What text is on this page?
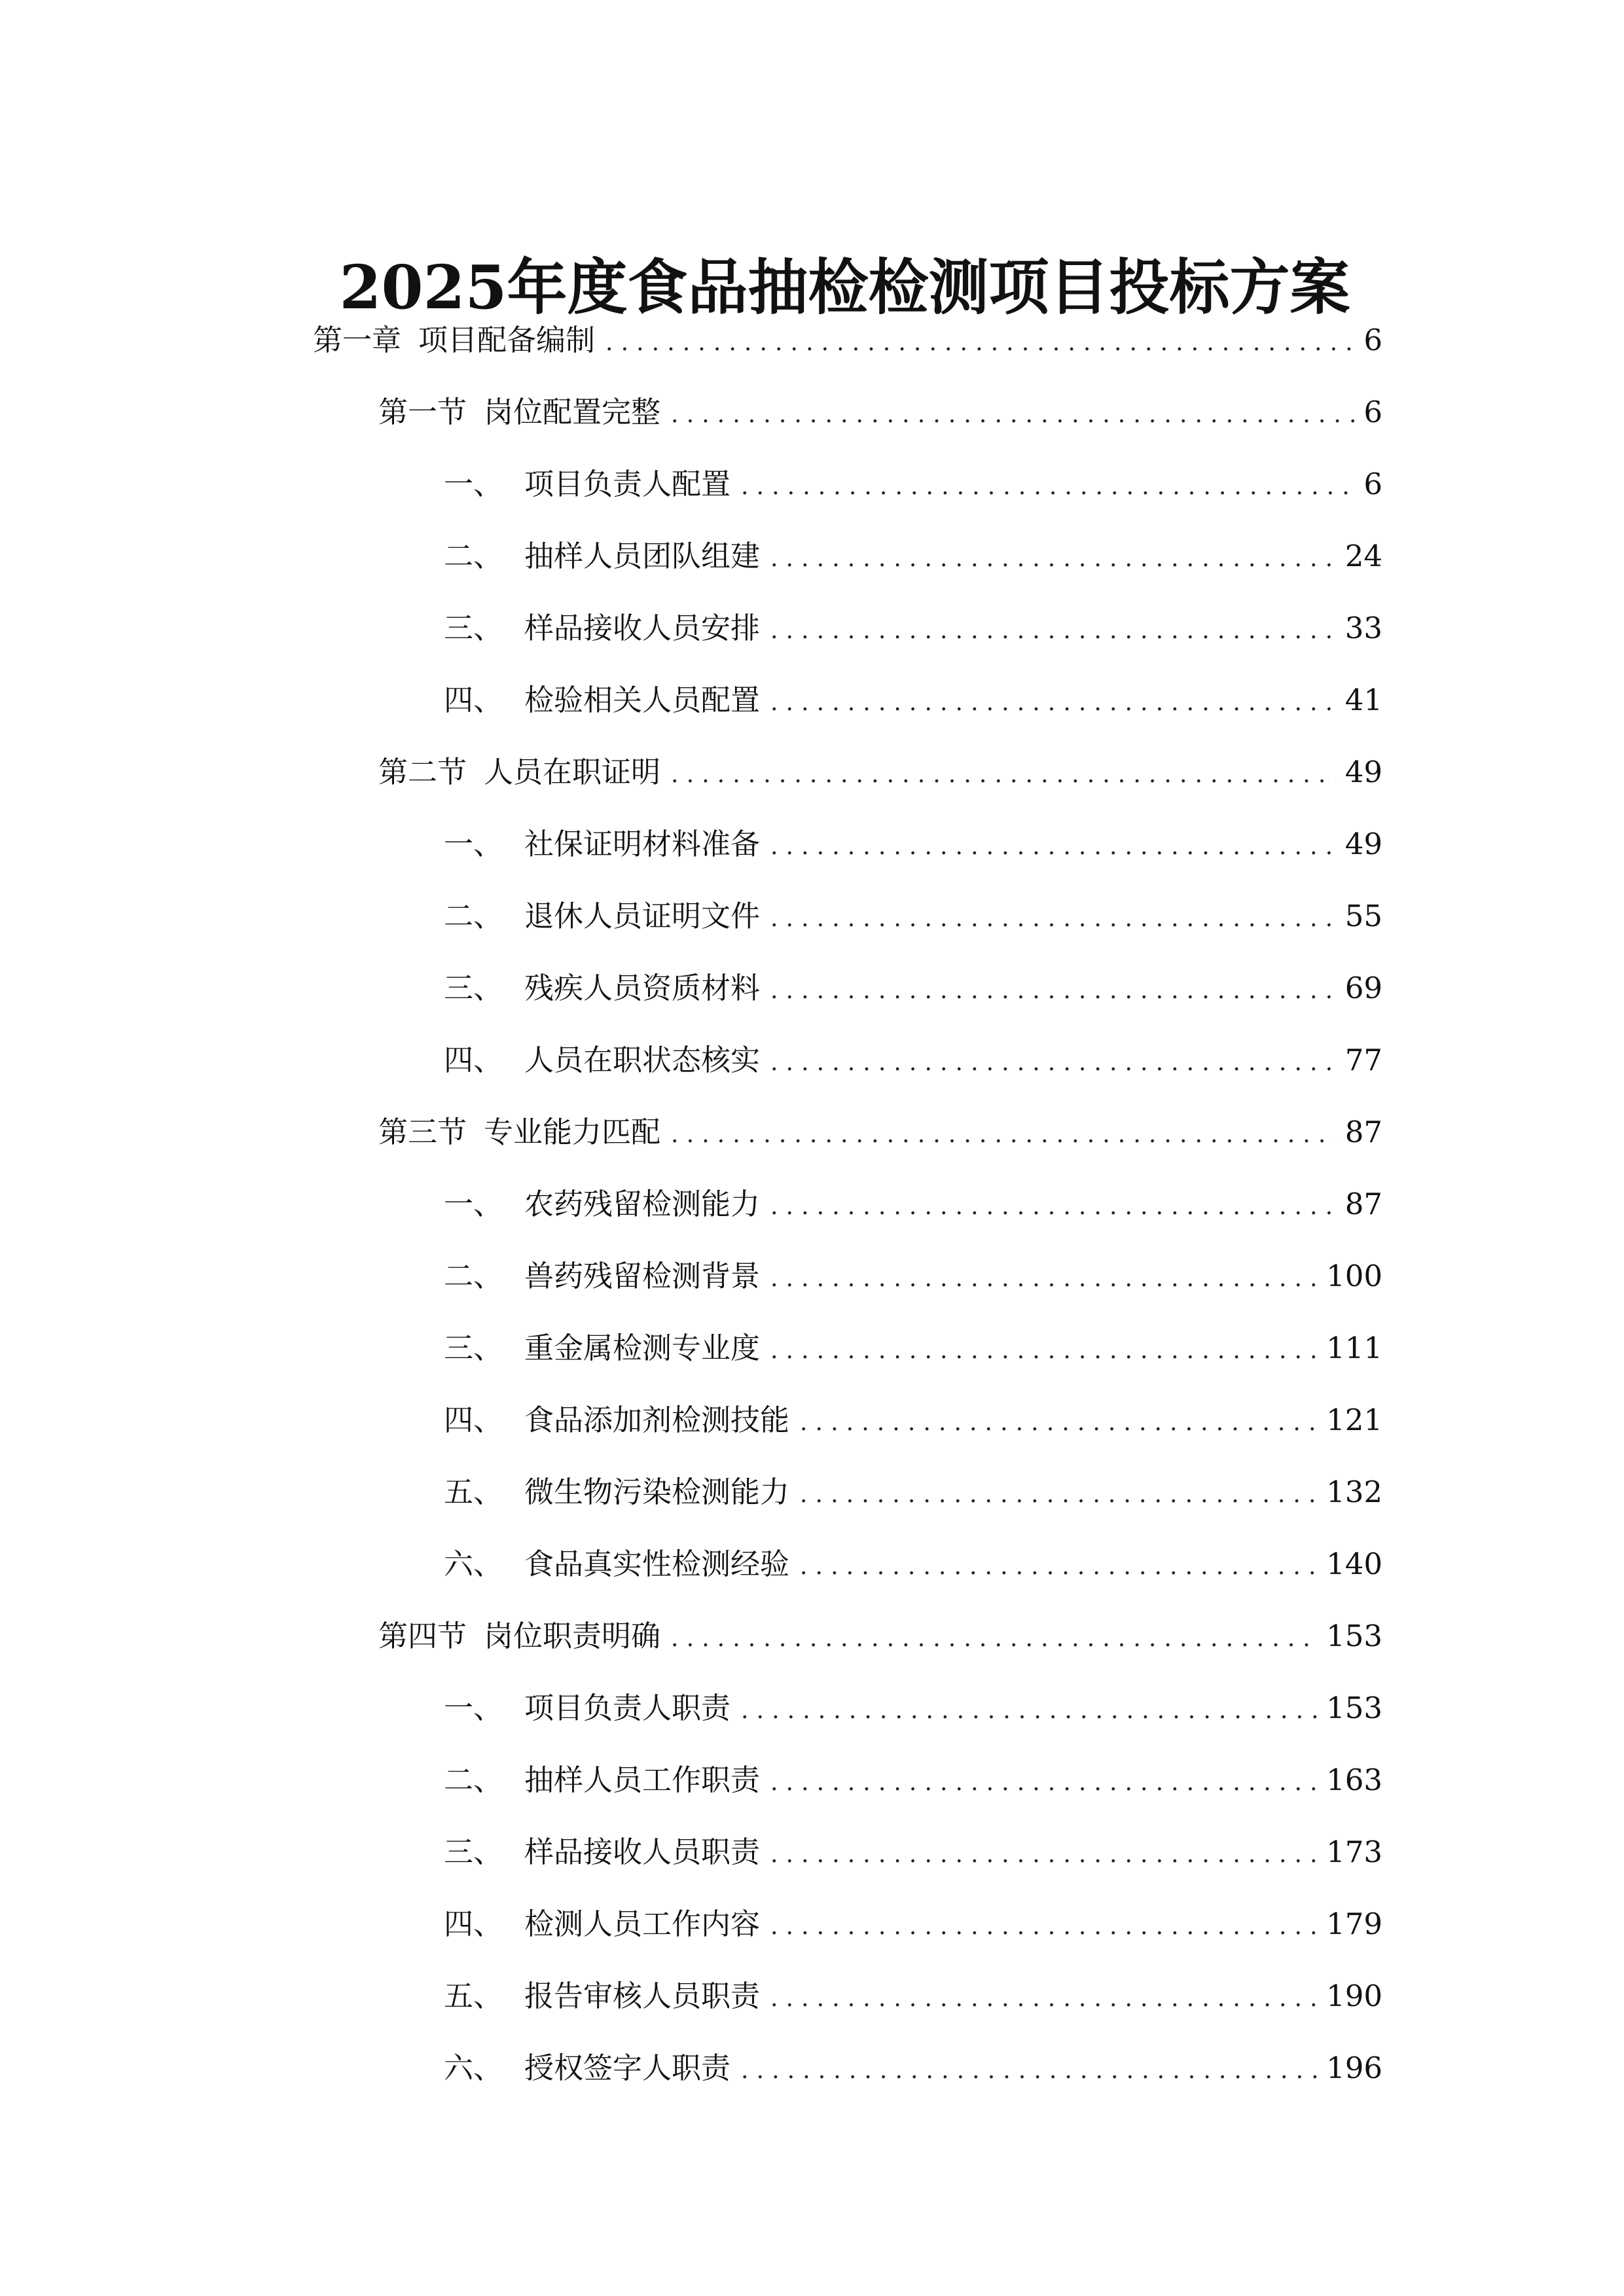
2025年度食品抽检检测项目投标方案
第一章 项目配备编制 .....	6
第一节 岗位配置完整 .....	6
一、 项目负责人配置 .....	6
二、 抽样人员团队组建 .....	24
三、 样品接收人员安排 .....	33
四、 检验相关人员配置 .....	41
第二节 人员在职证明 .....	49
一、 社保证明材料准备 .....	49
二、 退休人员证明文件 .....	55
三、 残疾人员资质材料 .....	69
四、 人员在职状态核实 .....	77
第三节 专业能力匹配 .....	87
一、 农药残留检测能力 .....	87
二、 兽药残留检测背景 .....	100
三、 重金属检测专业度 .....	111
四、 食品添加剂检测技能 .....	121
五、 微生物污染检测能力 .....	132
六、 食品真实性检测经验 .....	140
第四节 岗位职责明确 .....	153
一、 项目负责人职责 .....	153
二、 抽样人员工作职责 .....	163
三、 样品接收人员职责 .....	173
四、 检测人员工作内容 .....	179
五、 报告审核人员职责 .....	190
六、 授权签字人职责 .....	196
